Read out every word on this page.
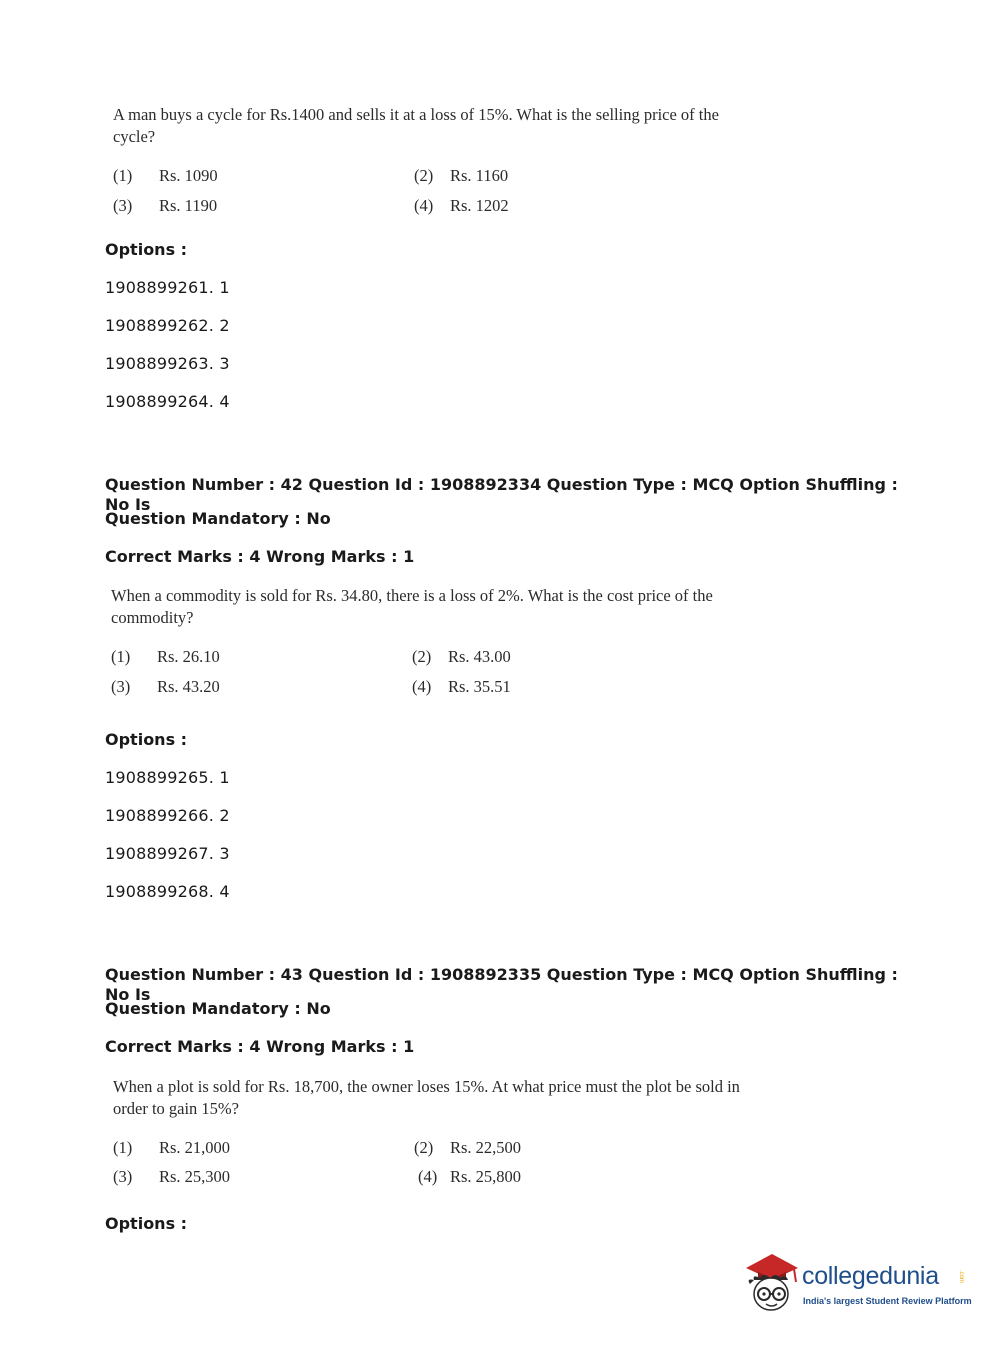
A man buys a cycle for Rs.1400 and sells it at a loss of 15%. What is the selling price of the cycle?
(1) Rs. 1090	(2) Rs. 1160
(3) Rs. 1190	(4) Rs. 1202
Options :
1908899261. 1
1908899262. 2
1908899263. 3
1908899264. 4
Question Number : 42 Question Id : 1908892334 Question Type : MCQ Option Shuffling : No Is
Question Mandatory : No
Correct Marks : 4 Wrong Marks : 1
When a commodity is sold for Rs. 34.80, there is a loss of 2%. What is the cost price of the commodity?
(1) Rs. 26.10	(2) Rs. 43.00
(3) Rs. 43.20	(4) Rs. 35.51
Options :
1908899265. 1
1908899266. 2
1908899267. 3
1908899268. 4
Question Number : 43 Question Id : 1908892335 Question Type : MCQ Option Shuffling : No Is
Question Mandatory : No
Correct Marks : 4 Wrong Marks : 1
When a plot is sold for Rs. 18,700, the owner loses 15%. At what price must the plot be sold in order to gain 15%?
(1) Rs. 21,000	(2) Rs. 22,500
(3) Rs. 25,300	(4) Rs. 25,800
Options :
collegedunia	.com
India's largest Student Review Platform
